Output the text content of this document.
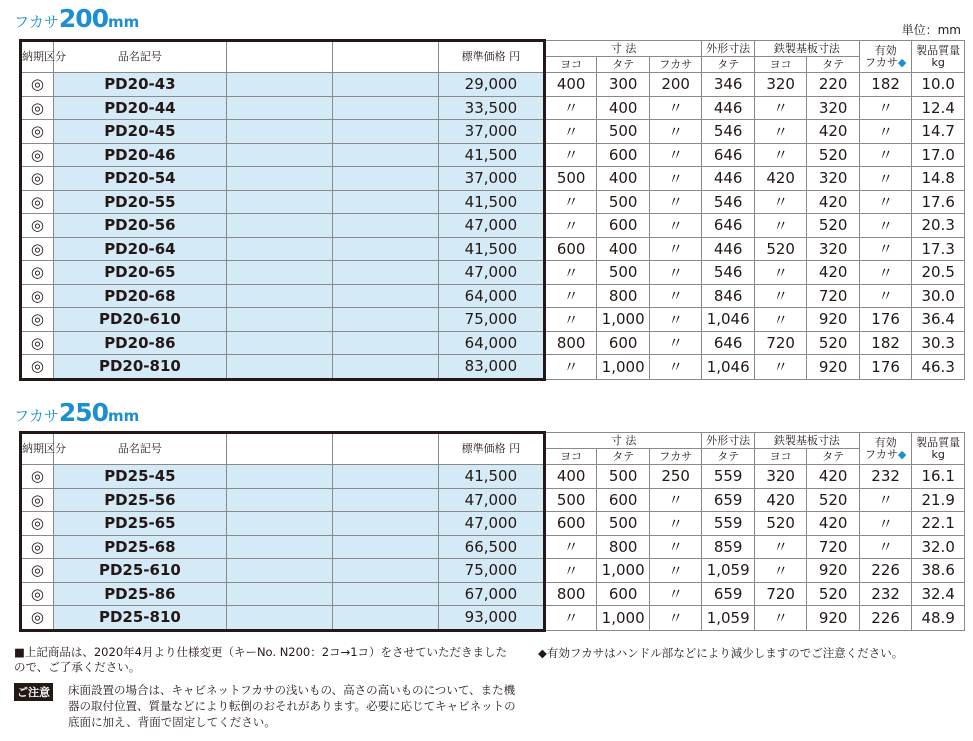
フカサ200mm	単位：mm
納期区分	品名記号			標準価格 円	寸 法			外形寸法	鉄製基板寸法		有効
フカサ◆	製品質量
kg
					ヨコ	タテ	フカサ	タテ	ヨコ	タテ		
◎	PD20-43			29,000	400	300	200	346	320	220	182	10.0
◎	PD20-44			33,500	〃	400	〃	446	〃	320	〃	12.4
◎	PD20-45			37,000	〃	500	〃	546	〃	420	〃	14.7
◎	PD20-46			41,500	〃	600	〃	646	〃	520	〃	17.0
◎	PD20-54			37,000	500	400	〃	446	420	320	〃	14.8
◎	PD20-55			41,500	〃	500	〃	546	〃	420	〃	17.6
◎	PD20-56			47,000	〃	600	〃	646	〃	520	〃	20.3
◎	PD20-64			41,500	600	400	〃	446	520	320	〃	17.3
◎	PD20-65			47,000	〃	500	〃	546	〃	420	〃	20.5
◎	PD20-68			64,000	〃	800	〃	846	〃	720	〃	30.0
◎	PD20-610			75,000	〃	1,000	〃	1,046	〃	920	176	36.4
◎	PD20-86			64,000	800	600	〃	646	720	520	182	30.3
◎	PD20-810			83,000	〃	1,000	〃	1,046	〃	920	176	46.3
フカサ250mm
納期区分	品名記号			標準価格 円	寸 法			外形寸法	鉄製基板寸法		有効
フカサ◆	製品質量
kg
					ヨコ	タテ	フカサ	タテ	ヨコ	タテ		
◎	PD25-45			41,500	400	500	250	559	320	420	232	16.1
◎	PD25-56			47,000	500	600	〃	659	420	520	〃	21.9
◎	PD25-65			47,000	600	500	〃	559	520	420	〃	22.1
◎	PD25-68			66,500	〃	800	〃	859	〃	720	〃	32.0
◎	PD25-610			75,000	〃	1,000	〃	1,059	〃	920	226	38.6
◎	PD25-86			67,000	800	600	〃	659	720	520	232	32.4
◎	PD25-810			93,000	〃	1,000	〃	1,059	〃	920	226	48.9
■上記商品は、2020年4月より仕様変更（キーNo. N200：2コ→1コ）をさせていただきましたので、ご了承ください。
◆有効フカサはハンドル部などにより減少しますのでご注意ください。
ご注意 床面設置の場合は、キャビネットフカサの浅いもの、高さの高いものについて、また機器の取付位置、質量などにより転倒のおそれがあります。必要に応じてキャビネットの底面に加え、背面で固定してください。
